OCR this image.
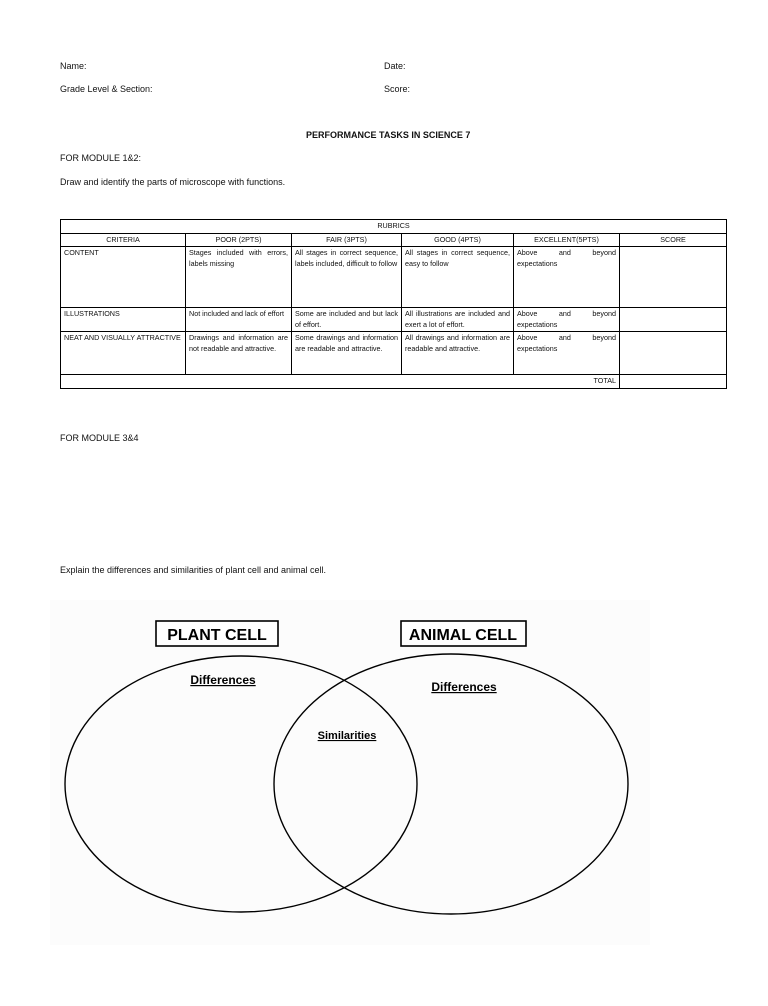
Name:	Date:
Grade Level & Section:	Score:
PERFORMANCE TASKS IN SCIENCE 7
FOR MODULE 1&2:
Draw and identify the parts of microscope with functions.
RUBRICS					
CRITERIA	POOR (2PTS)	FAIR (3PTS)	GOOD (4PTS)	EXCELLENT(5PTS)	SCORE
CONTENT	Stages included with errors, labels missing	All stages in correct sequence, labels included, difficult to follow	All stages in correct sequence, easy to follow	Above and beyond expectations	
ILLUSTRATIONS	Not included and lack of effort	Some are included and but lack of effort.	All illustrations are included and exert a lot of effort.	Above and beyond expectations	
NEAT AND VISUALLY ATTRACTIVE	Drawings and information are not readable and attractive.	Some drawings and information are readable and attractive.	All drawings and information are readable and attractive.	Above and beyond expectations	
TOTAL					
FOR MODULE 3&4
Explain the differences and similarities of plant cell and animal cell.
PLANT CELL	ANIMAL CELL
Differences	Differences
Similarities
